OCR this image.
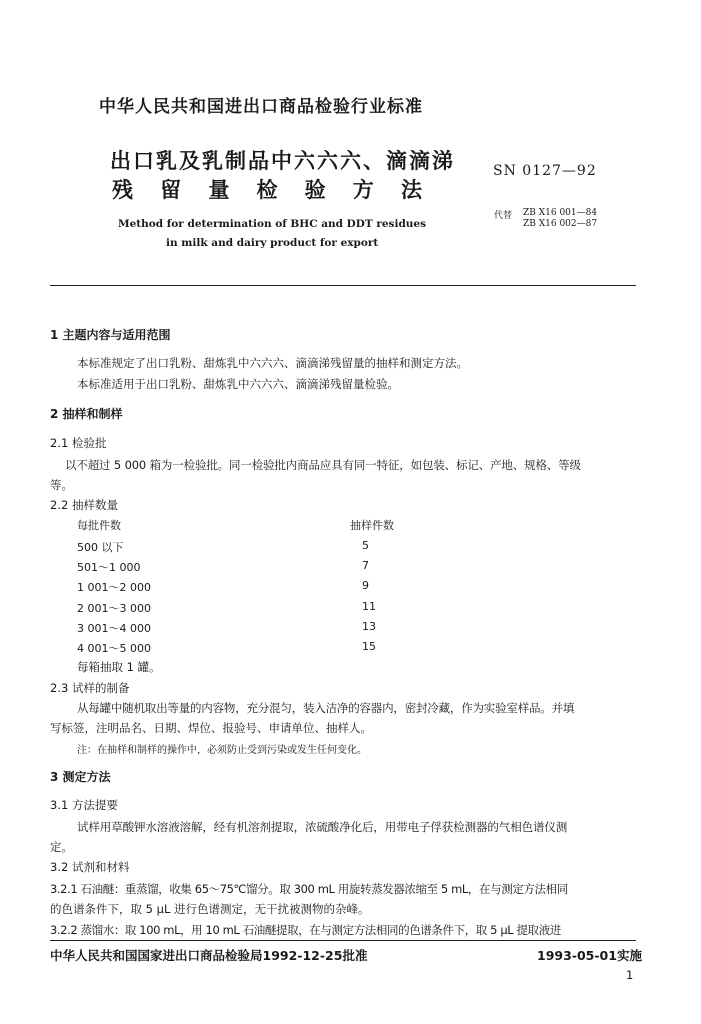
中华人民共和国进出口商品检验行业标准
出口乳及乳制品中六六六、滴滴涕
残 留 量 检 验 方 法
Method for determination of BHC and DDT residues
in milk and dairy product for export
SN 0127—92
代替 ZB X16 001—84
ZB X16 002—87
1 主题内容与适用范围
本标准规定了出口乳粉、甜炼乳中六六六、滴滴涕残留量的抽样和测定方法。
本标准适用于出口乳粉、甜炼乳中六六六、滴滴涕残留量检验。
2 抽样和制样
2.1 检验批
以不超过 5 000 箱为一检验批。同一检验批内商品应具有同一特征，如包装、标记、产地、规格、等级
等。
2.2 抽样数量
每批件数	抽样件数
500 以下	5
501～1 000	7
1 001～2 000	9
2 001～3 000	11
3 001～4 000	13
4 001～5 000	15
每箱抽取 1 罐。
2.3 试样的制备
从每罐中随机取出等量的内容物，充分混匀，装入洁净的容器内，密封冷藏，作为实验室样品。并填
写标签，注明品名、日期、焊位、报验号、申请单位、抽样人。
注：在抽样和制样的操作中，必须防止受到污染或发生任何变化。
3 测定方法
3.1 方法提要
试样用草酸钾水溶液溶解，经有机溶剂提取，浓硫酸净化后，用带电子俘获检测器的气相色谱仪测
定。
3.2 试剂和材料
3.2.1 石油醚：重蒸馏，收集 65～75℃馏分。取 300 mL 用旋转蒸发器浓缩至 5 mL，在与测定方法相同
的色谱条件下，取 5 μL 进行色谱测定，无干扰被测物的杂峰。
3.2.2 蒸馏水：取 100 mL，用 10 mL 石油醚提取，在与测定方法相同的色谱条件下，取 5 μL 提取液进
中华人民共和国国家进出口商品检验局1992-12-25批准	1993-05-01实施
1
